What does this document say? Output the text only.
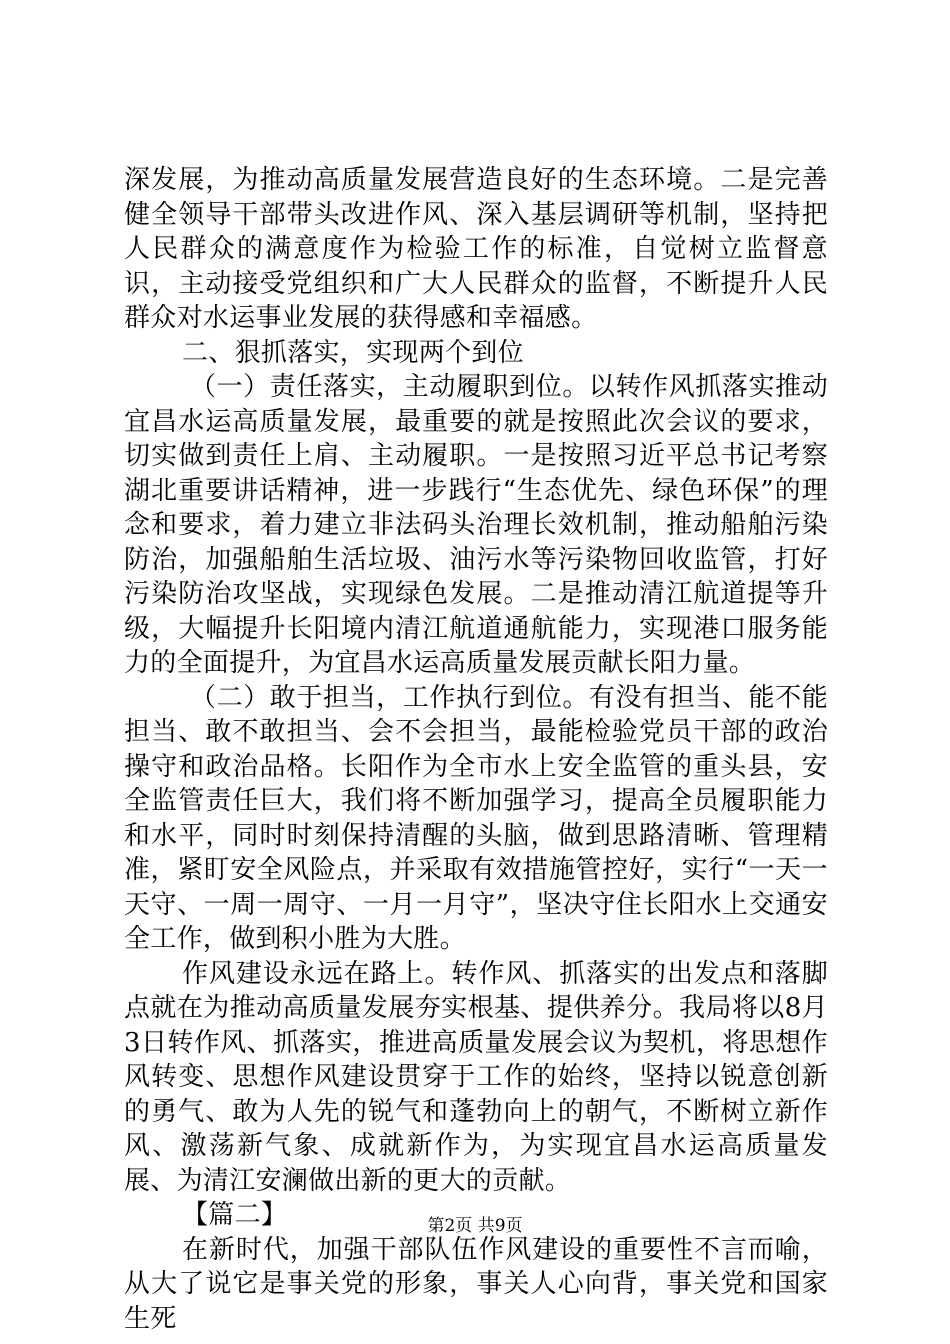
深发展，为推动高质量发展营造良好的生态环境。二是完善健全领导干部带头改进作风、深入基层调研等机制，坚持把人民群众的满意度作为检验工作的标准，自觉树立监督意识，主动接受党组织和广大人民群众的监督，不断提升人民群众对水运事业发展的获得感和幸福感。

二、狠抓落实，实现两个到位

（一）责任落实，主动履职到位。以转作风抓落实推动宜昌水运高质量发展，最重要的就是按照此次会议的要求，切实做到责任上肩、主动履职。一是按照习近平总书记考察湖北重要讲话精神，进一步践行“生态优先、绿色环保”的理念和要求，着力建立非法码头治理长效机制，推动船舶污染防治，加强船舶生活垃圾、油污水等污染物回收监管，打好污染防治攻坚战，实现绿色发展。二是推动清江航道提等升级，大幅提升长阳境内清江航道通航能力，实现港口服务能力的全面提升，为宜昌水运高质量发展贡献长阳力量。

（二）敢于担当，工作执行到位。有没有担当、能不能担当、敢不敢担当、会不会担当，最能检验党员干部的政治操守和政治品格。长阳作为全市水上安全监管的重头县，安全监管责任巨大，我们将不断加强学习，提高全员履职能力和水平，同时时刻保持清醒的头脑，做到思路清晰、管理精准，紧盯安全风险点，并采取有效措施管控好，实行“一天一天守、一周一周守、一月一月守”，坚决守住长阳水上交通安全工作，做到积小胜为大胜。

作风建设永远在路上。转作风、抓落实的出发点和落脚点就在为推动高质量发展夯实根基、提供养分。我局将以8月3日转作风、抓落实，推进高质量发展会议为契机，将思想作风转变、思想作风建设贯穿于工作的始终，坚持以锐意创新的勇气、敢为人先的锐气和蓬勃向上的朝气，不断树立新作风、激荡新气象、成就新作为，为实现宜昌水运高质量发展、为清江安澜做出新的更大的贡献。

【篇二】

在新时代，加强干部队伍作风建设的重要性不言而喻，从大了说它是事关党的形象，事关人心向背，事关党和国家生死

第2页 共9页
